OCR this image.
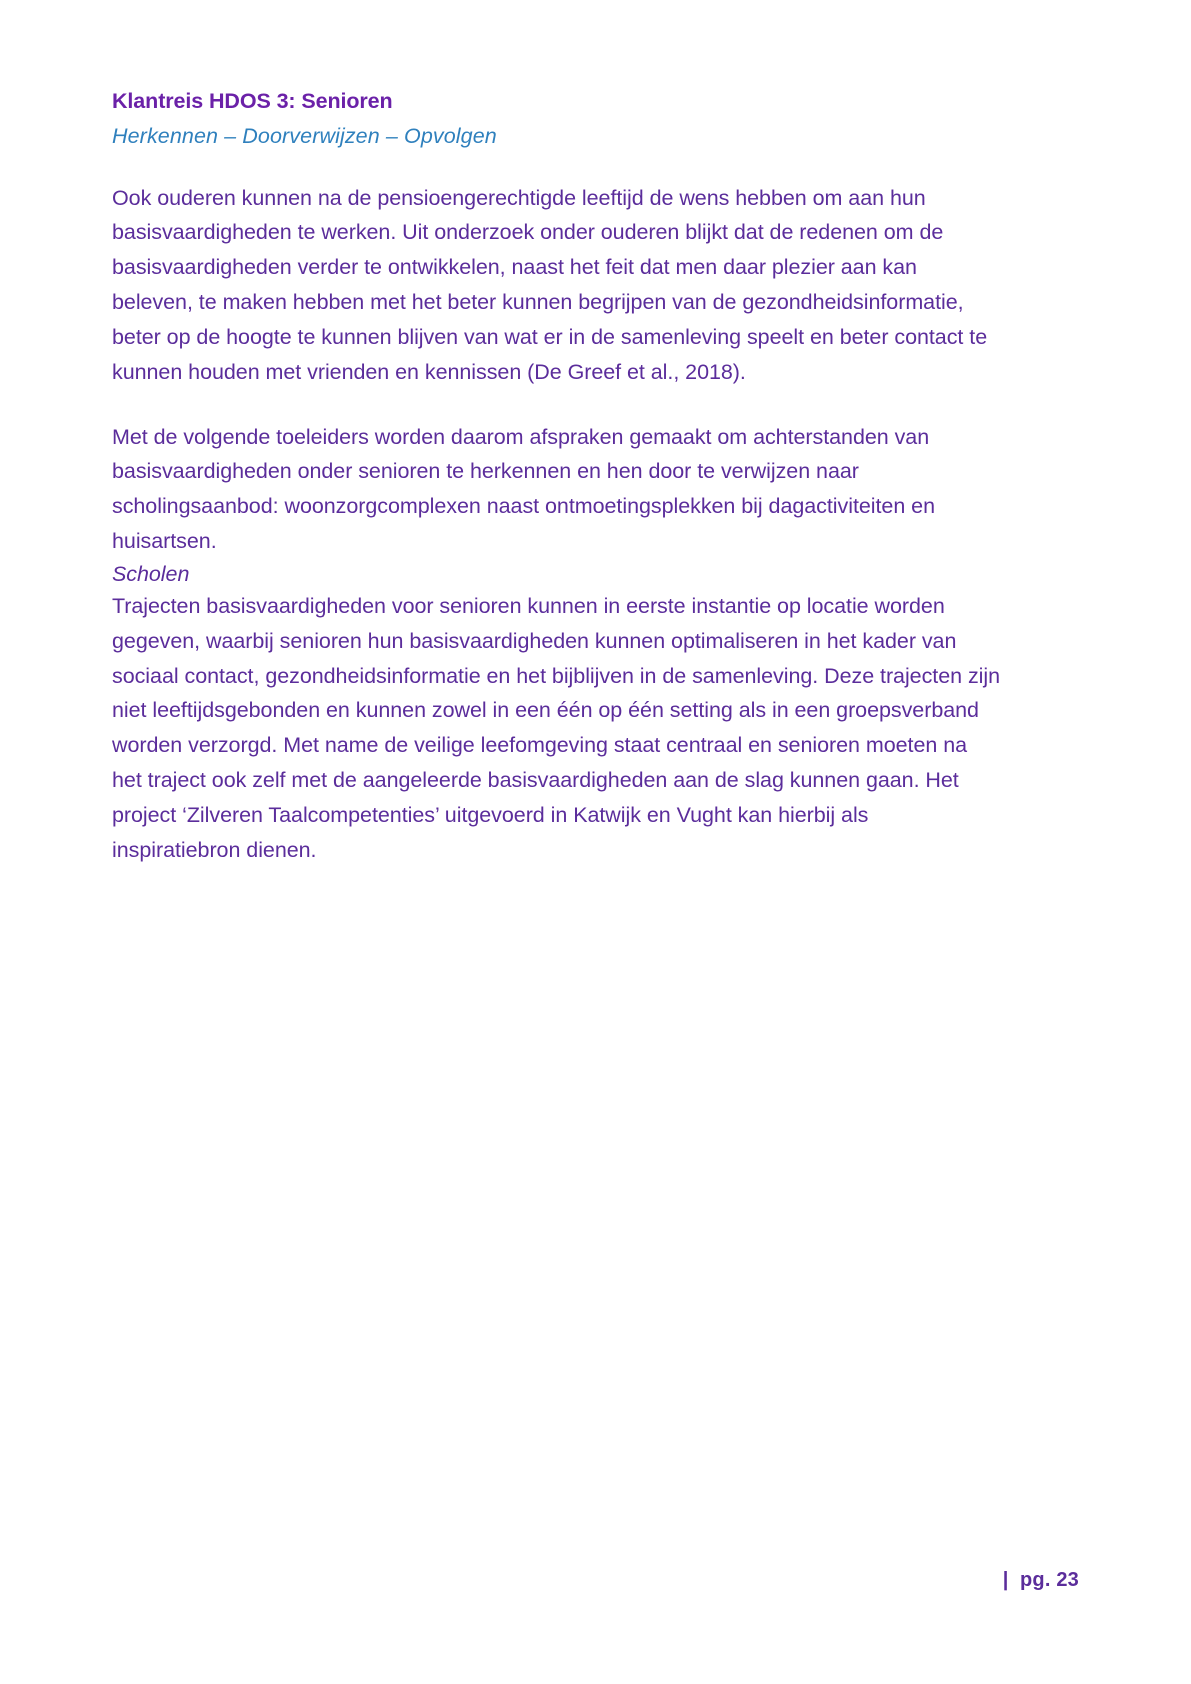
Klantreis HDOS 3: Senioren

Herkennen – Doorverwijzen – Opvolgen

Ook ouderen kunnen na de pensioengerechtigde leeftijd de wens hebben om aan hun basisvaardigheden te werken. Uit onderzoek onder ouderen blijkt dat de redenen om de basisvaardigheden verder te ontwikkelen, naast het feit dat men daar plezier aan kan beleven, te maken hebben met het beter kunnen begrijpen van de gezondheidsinformatie, beter op de hoogte te kunnen blijven van wat er in de samenleving speelt en beter contact te kunnen houden met vrienden en kennissen (De Greef et al., 2018).

Met de volgende toeleiders worden daarom afspraken gemaakt om achterstanden van basisvaardigheden onder senioren te herkennen en hen door te verwijzen naar scholingsaanbod: woonzorgcomplexen naast ontmoetingsplekken bij dagactiviteiten en huisartsen.

Scholen

Trajecten basisvaardigheden voor senioren kunnen in eerste instantie op locatie worden gegeven, waarbij senioren hun basisvaardigheden kunnen optimaliseren in het kader van sociaal contact, gezondheidsinformatie en het bijblijven in de samenleving. Deze trajecten zijn niet leeftijdsgebonden en kunnen zowel in een één op één setting als in een groepsverband worden verzorgd. Met name de veilige leefomgeving staat centraal en senioren moeten na het traject ook zelf met de aangeleerde basisvaardigheden aan de slag kunnen gaan. Het project ‘Zilveren Taalcompetenties’ uitgevoerd in Katwijk en Vught kan hierbij als inspiratiebron dienen.

|  pg. 23
